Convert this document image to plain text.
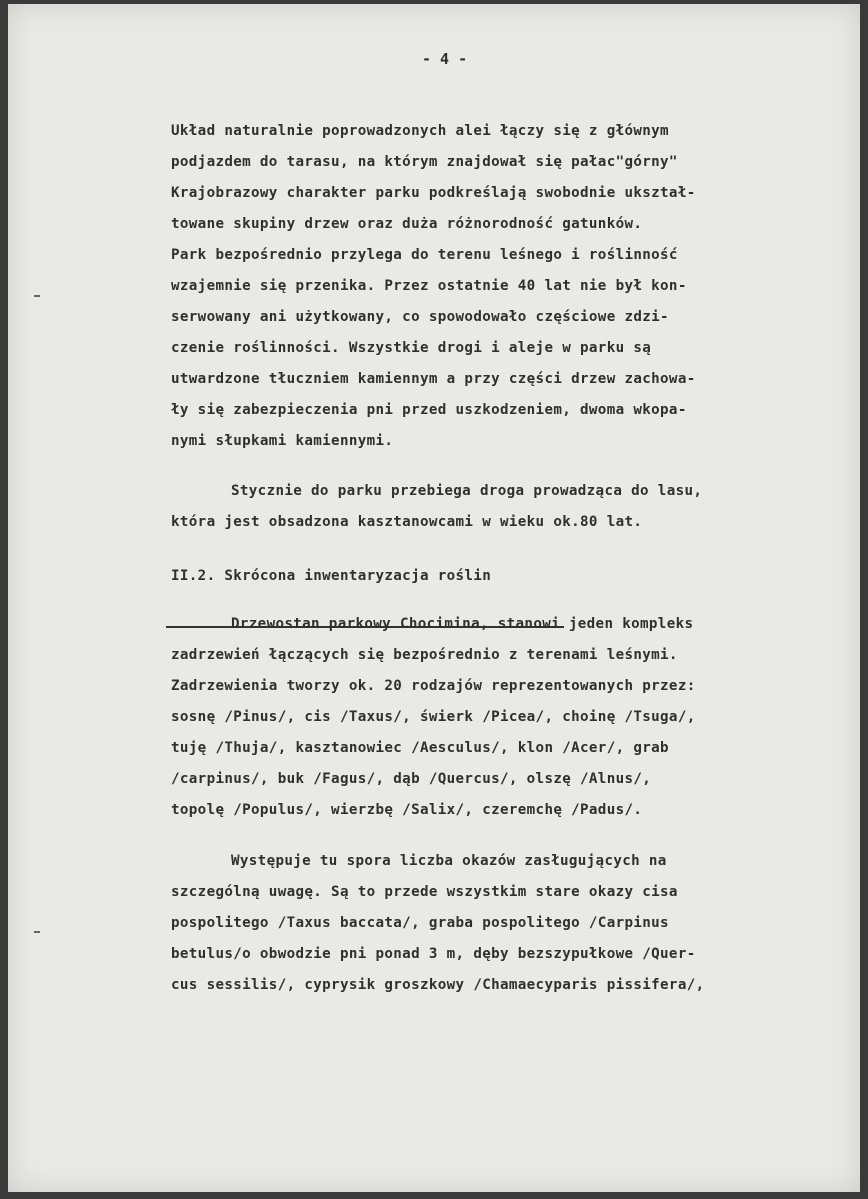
- 4 -
Układ naturalnie poprowadzonych alei łączy się z głównym
podjazdem do tarasu, na którym znajdował się pałac"górny"
Krajobrazowy charakter parku podkreślają swobodnie ukształ-
towane skupiny drzew oraz duża różnorodność gatunków.
Park bezpośrednio przylega do terenu leśnego i roślinność
wzajemnie się przenika. Przez ostatnie 40 lat nie był kon-
serwowany ani użytkowany, co spowodowało częściowe zdzi-
czenie roślinności. Wszystkie drogi i aleje w parku są
utwardzone tłuczniem kamiennym a przy części drzew zachowa-
ły się zabezpieczenia pni przed uszkodzeniem, dwoma wkopa-
nymi słupkami kamiennymi.
Stycznie do parku przebiega droga prowadząca do lasu,
która jest obsadzona kasztanowcami w wieku ok.80 lat.
II.2. Skrócona inwentaryzacja roślin
Drzewostan parkowy Chocimina, stanowi jeden kompleks
zadrzewień łączących się bezpośrednio z terenami leśnymi.
Zadrzewienia tworzy ok. 20 rodzajów reprezentowanych przez:
sosnę /Pinus/, cis /Taxus/, świerk /Picea/, choinę /Tsuga/,
tuję /Thuja/, kasztanowiec /Aesculus/, klon /Acer/, grab
/carpinus/, buk /Fagus/, dąb /Quercus/, olszę /Alnus/,
topolę /Populus/, wierzbę /Salix/, czeremchę /Padus/.
Występuje tu spora liczba okazów zasługujących na
szczególną uwagę. Są to przede wszystkim stare okazy cisa
pospolitego /Taxus baccata/, graba pospolitego /Carpinus
betulus/o obwodzie pni ponad 3 m, dęby bezszypułkowe /Quer-
cus sessilis/, cyprysik groszkowy /Chamaecyparis pissifera/,
